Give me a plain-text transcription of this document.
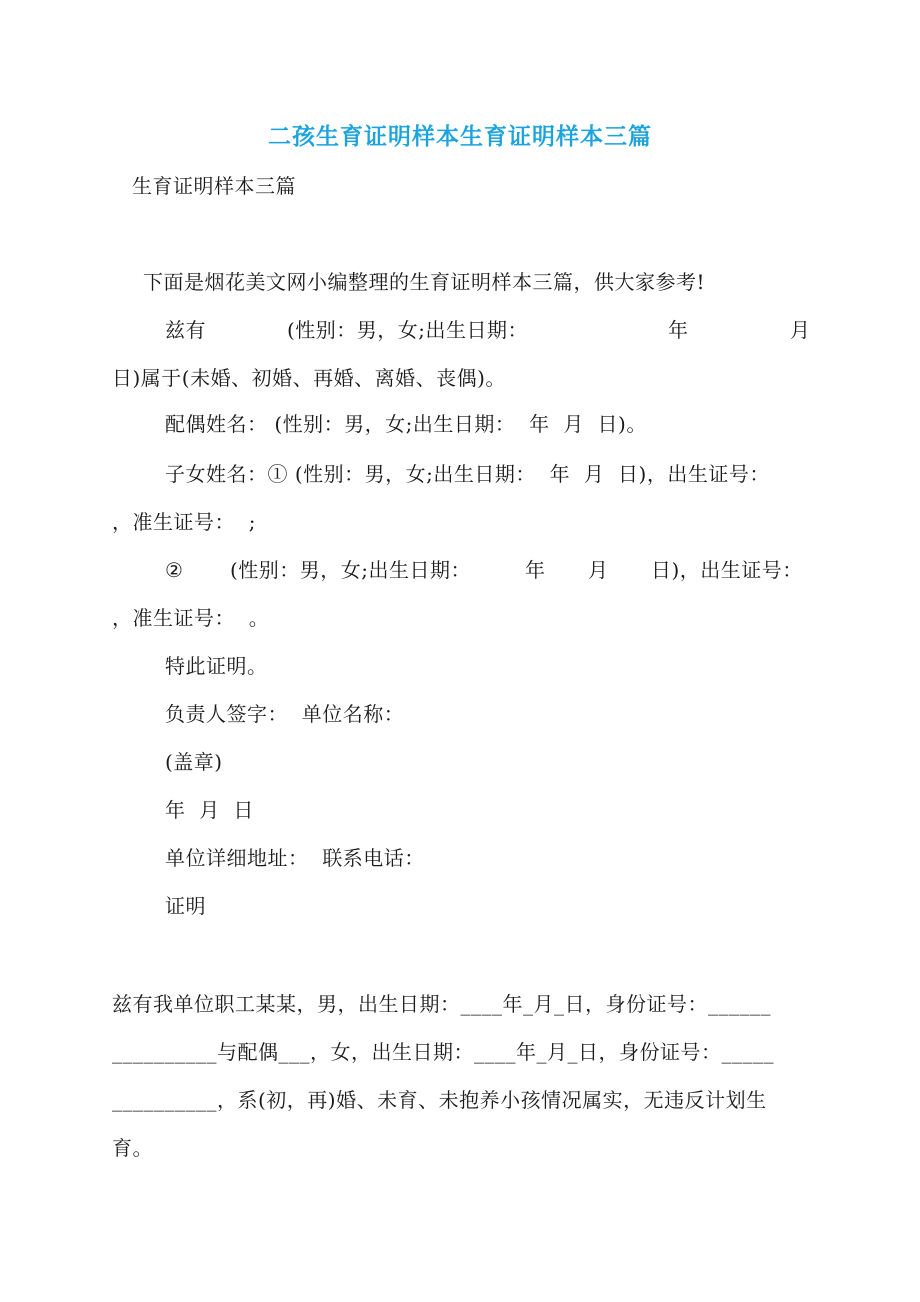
二孩生育证明样本生育证明样本三篇
生育证明样本三篇
下面是烟花美文网小编整理的生育证明样本三篇，供大家参考!
兹有	(性别：男，女;出生日期：	年	月
日)属于(未婚、初婚、再婚、离婚、丧偶)。
配偶姓名： (性别：男，女;出生日期：  年  月  日)。
子女姓名：① (性别：男，女;出生日期：  年  月  日)，出生证号：
，准生证号：  ;
② (性别：男，女;出生日期：	年 月 日)，出生证号：
，准生证号：  。
特此证明。
负责人签字：  单位名称：
(盖章)
年  月  日
单位详细地址：  联系电话：
证明
兹有我单位职工某某，男，出生日期：____年_月_日，身份证号：______
__________与配偶___，女，出生日期：____年_月_日，身份证号：_____
__________，系(初，再)婚、未育、未抱养小孩情况属实，无违反计划生
育。
